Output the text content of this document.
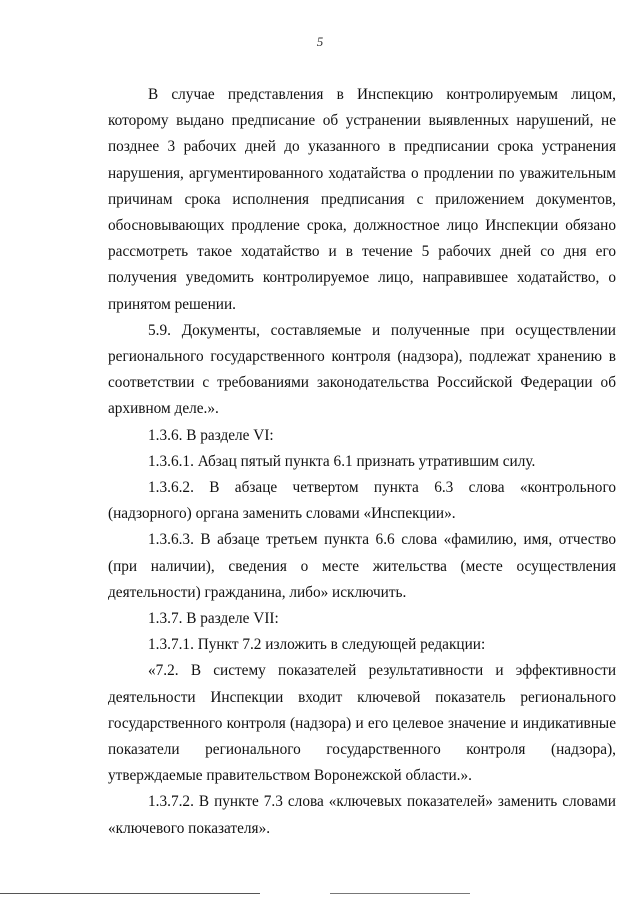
5

В случае представления в Инспекцию контролируемым лицом, которому выдано предписание об устранении выявленных нарушений, не позднее 3 рабочих дней до указанного в предписании срока устранения нарушения, аргументированного ходатайства о продлении по уважительным причинам срока исполнения предписания с приложением документов, обосновывающих продление срока, должностное лицо Инспекции обязано рассмотреть такое ходатайство и в течение 5 рабочих дней со дня его получения уведомить контролируемое лицо, направившее ходатайство, о принятом решении.

5.9. Документы, составляемые и полученные при осуществлении регионального государственного контроля (надзора), подлежат хранению в соответствии с требованиями законодательства Российской Федерации об архивном деле.».

1.3.6. В разделе VI:

1.3.6.1. Абзац пятый пункта 6.1 признать утратившим силу.

1.3.6.2. В абзаце четвертом пункта 6.3 слова «контрольного (надзорного) органа заменить словами «Инспекции».

1.3.6.3. В абзаце третьем пункта 6.6 слова «фамилию, имя, отчество (при наличии), сведения о месте жительства (месте осуществления деятельности) гражданина, либо» исключить.

1.3.7. В разделе VII:

1.3.7.1. Пункт 7.2 изложить в следующей редакции:

«7.2. В систему показателей результативности и эффективности деятельности Инспекции входит ключевой показатель регионального государственного контроля (надзора) и его целевое значение и индикативные показатели регионального государственного контроля (надзора), утверждаемые правительством Воронежской области.».

1.3.7.2. В пункте 7.3 слова «ключевых показателей» заменить словами «ключевого показателя».
